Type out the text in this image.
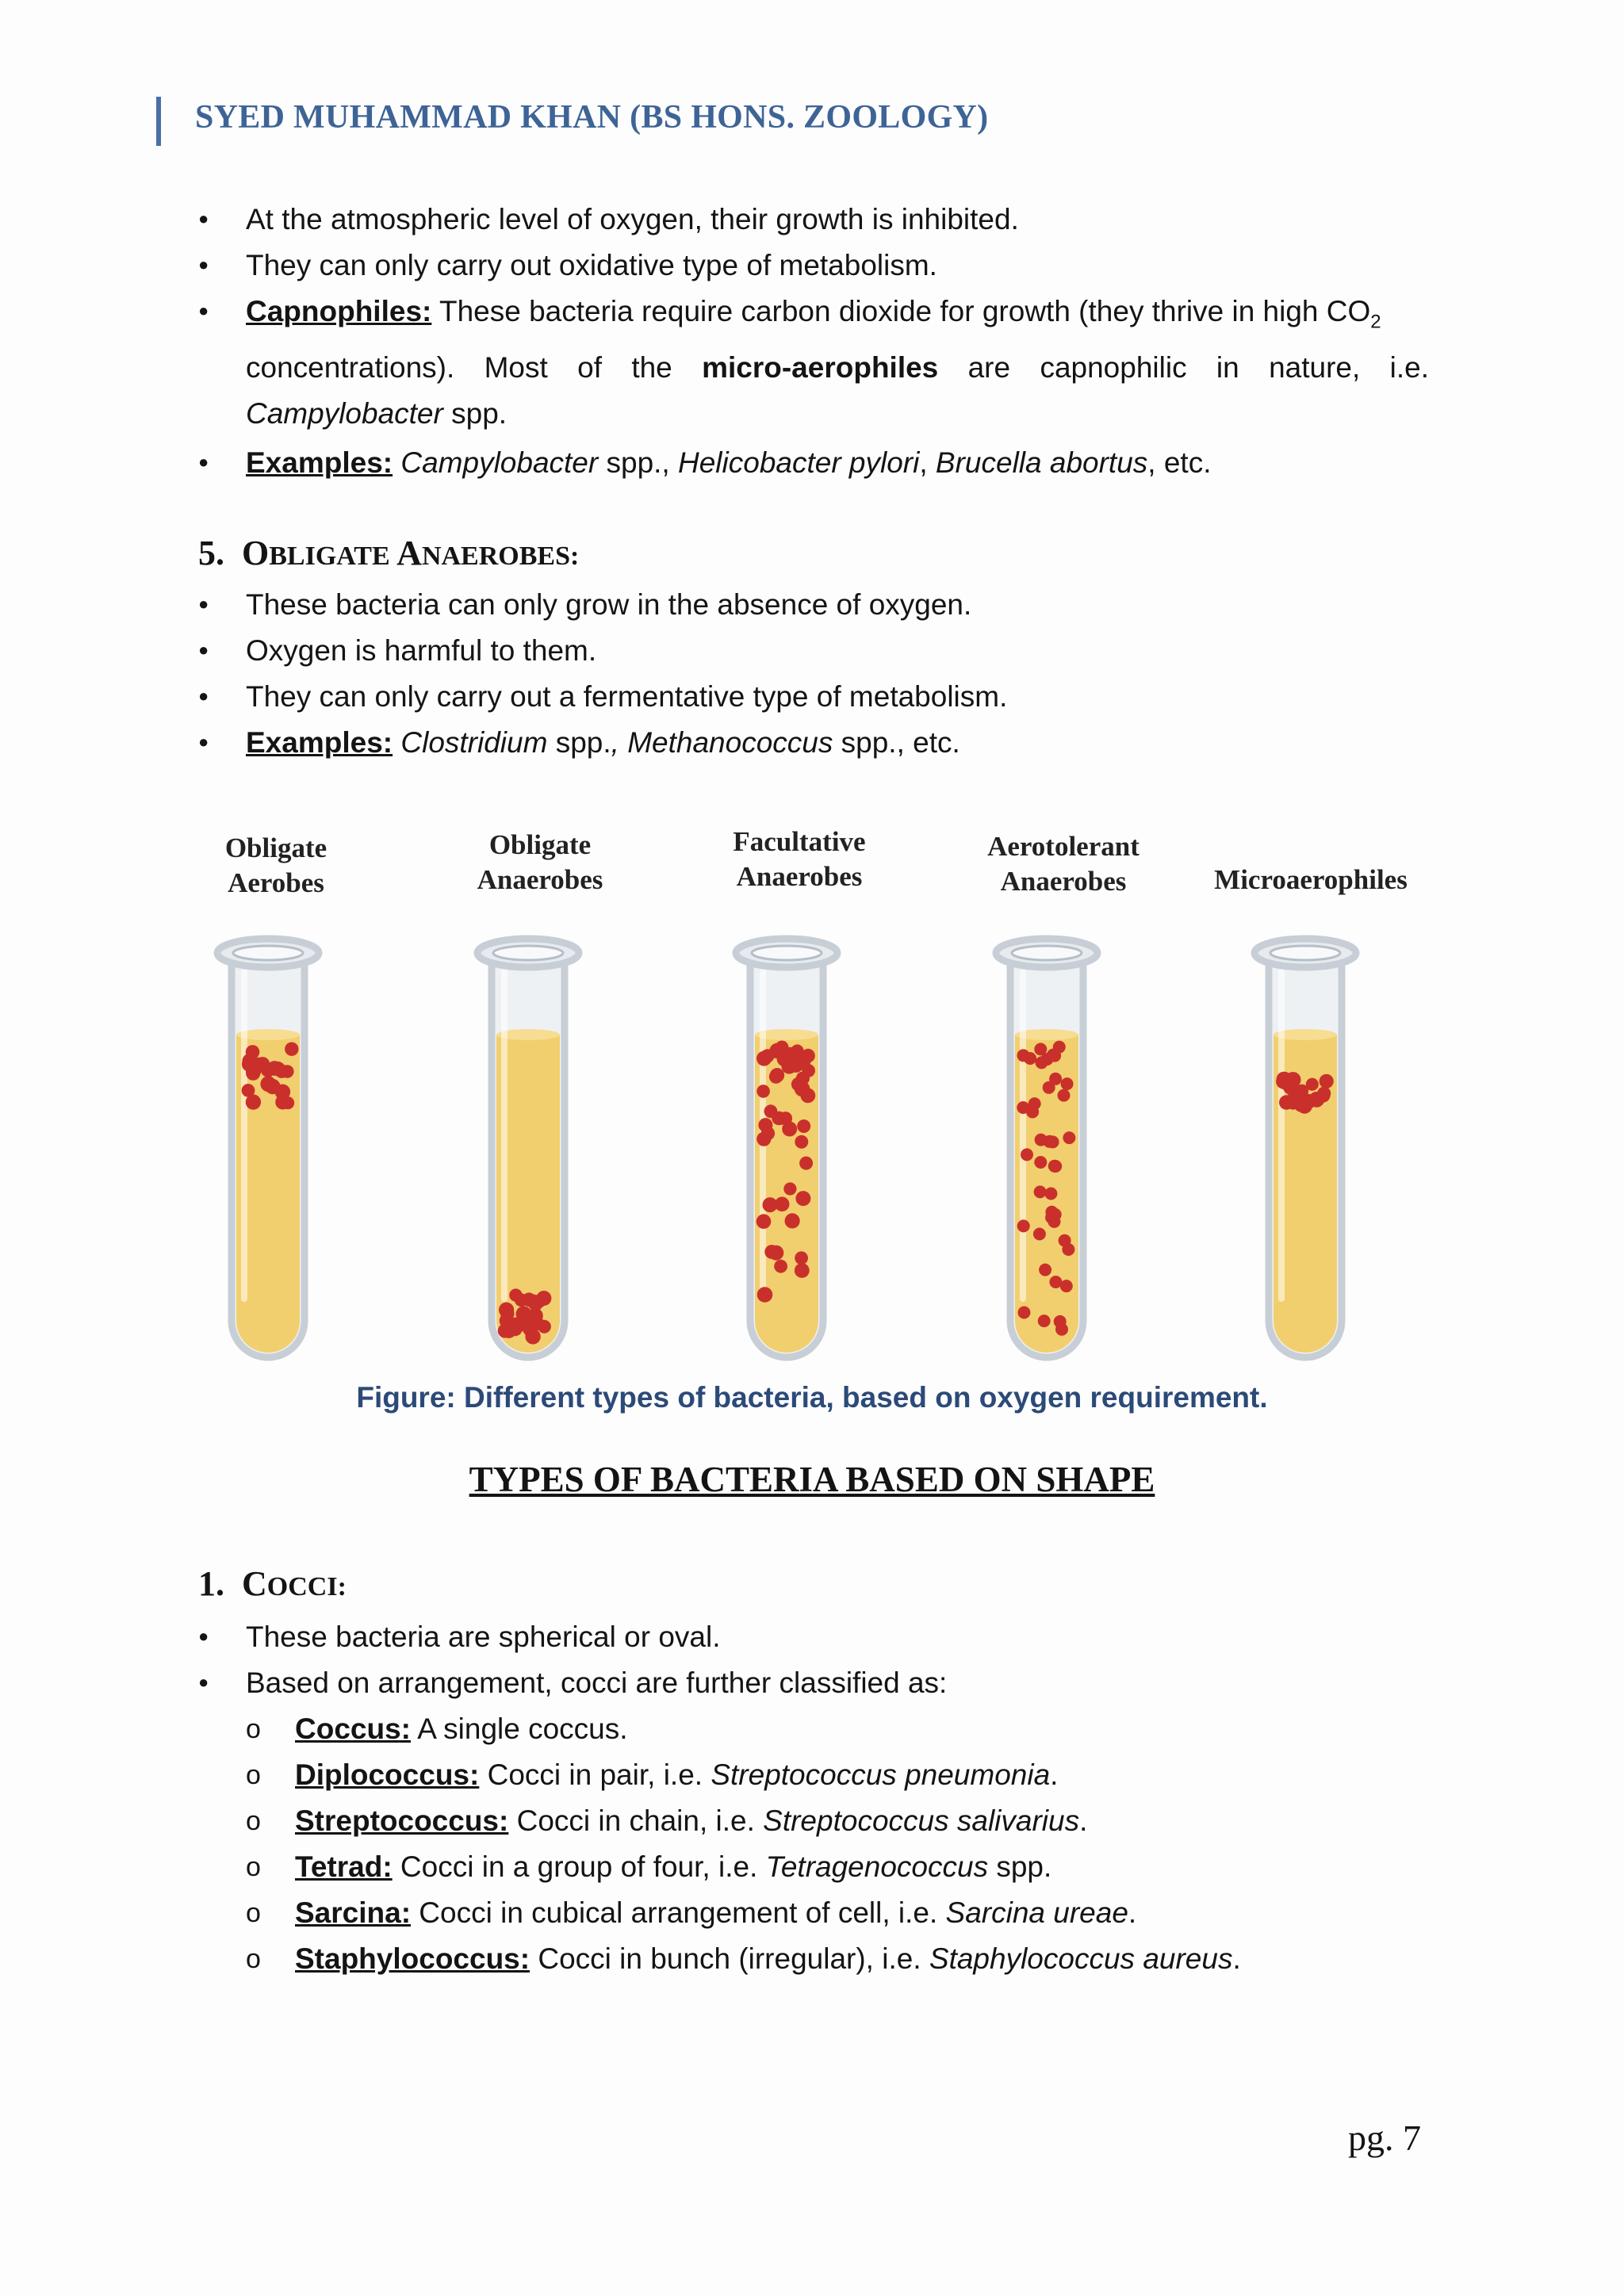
SYED MUHAMMAD KHAN (BS HONS. ZOOLOGY)
●
At the atmospheric level of oxygen, their growth is inhibited.
●
They can only carry out oxidative type of metabolism.
●
Capnophiles: These bacteria require carbon dioxide for growth (they thrive in high $CO_2$
concentrations). Most of the micro-aerophiles are capnophilic in nature, i.e.
Campylobacter spp.
●
Examples: Campylobacter spp., Helicobacter pylori, Brucella abortus, etc.
5. OBLIGATE ANAEROBES:
●
These bacteria can only grow in the absence of oxygen.
●
Oxygen is harmful to them.
●
They can only carry out a fermentative type of metabolism.
●
Examples: Clostridium spp., Methanococcus spp., etc.
Obligate
Aerobes
Obligate
Anaerobes
Facultative
Anaerobes
Aerotolerant
Anaerobes	Microaerophiles
Figure: Different types of bacteria, based on oxygen requirement.
TYPES OF BACTERIA BASED ON SHAPE
1. COCCI:
●
These bacteria are spherical or oval.
●
Based on arrangement, cocci are further classified as:
o
Coccus: A single coccus.
o
Diplococcus: Cocci in pair, i.e. Streptococcus pneumonia.
o
Streptococcus: Cocci in chain, i.e. Streptococcus salivarius.
o
Tetrad: Cocci in a group of four, i.e. Tetragenococcus spp.
o
Sarcina: Cocci in cubical arrangement of cell, i.e. Sarcina ureae.
o
Staphylococcus: Cocci in bunch (irregular), i.e. Staphylococcus aureus.
pg. 7
